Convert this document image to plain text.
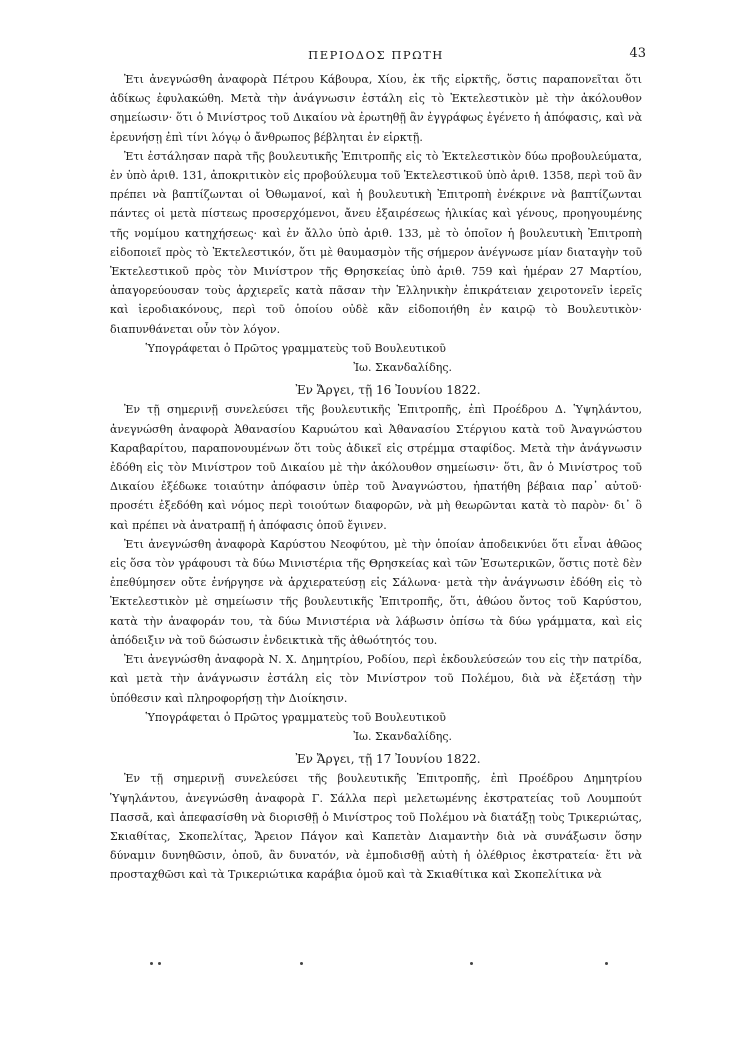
ΠΕΡΙΟΔΟΣ ΠΡΩΤΗ	43

Ἐτι ἀνεγνώσθη ἀναφορὰ Πέτρου Κάβουρα, Χίου, ἐκ τῆς εἱρκτῆς, ὅστις παραπονεῖται ὅτι ἀδίκως ἐφυλακώθη. Μετὰ τὴν ἀνάγνωσιν ἐστάλη εἰς τὸ Ἐκτελεστικὸν μὲ τὴν ἀκόλουθον σημείωσιν· ὅτι ὁ Μινίστρος τοῦ Δικαίου νὰ ἐρωτηθῇ ἂν ἐγγράφως ἐγένετο ἡ ἀπόφασις, καὶ νὰ ἐρευνήσῃ ἐπὶ τίνι λόγῳ ὁ ἄνθρωπος βέβληται ἐν εἱρκτῇ.

Ἐτι ἐστάλησαν παρὰ τῆς βουλευτικῆς Ἐπιτροπῆς εἰς τὸ Ἐκτελεστικὸν δύω προβουλεύματα, ἐν ὑπὸ ἀριθ. 131, ἀποκριτικὸν εἰς προβούλευμα τοῦ Ἐκτελεστικοῦ ὑπὸ ἀριθ. 1358, περὶ τοῦ ἂν πρέπει νὰ βαπτίζωνται οἱ Ὀθωμανοί, καὶ ἡ βουλευτικὴ Ἐπιτροπὴ ἐνέκρινε νὰ βαπτίζωνται πάντες οἱ μετὰ πίστεως προσερχόμενοι, ἄνευ ἐξαιρέσεως ἡλικίας καὶ γένους, προηγουμένης τῆς νομίμου κατηχήσεως· καὶ ἐν ἄλλο ὑπὸ ἀριθ. 133, μὲ τὸ ὁποῖον ἡ βουλευτικὴ Ἐπιτροπὴ εἰδοποιεῖ πρὸς τὸ Ἐκτελεστικόν, ὅτι μὲ θαυμασμὸν τῆς σήμερον ἀνέγνωσε μίαν διαταγὴν τοῦ Ἐκτελεστικοῦ πρὸς τὸν Μινίστρον τῆς Θρησκείας ὑπὸ ἀριθ. 759 καὶ ἡμέραν 27 Μαρτίου, ἀπαγορεύουσαν τοὺς ἀρχιερεῖς κατὰ πᾶσαν τὴν Ἑλληνικὴν ἐπικράτειαν χειροτονεῖν ἱερεῖς καὶ ἱεροδιακόνους, περὶ τοῦ ὁποίου οὐδὲ κἂν εἰδοποιήθη ἐν καιρῷ τὸ Βουλευτικὸν· διαπυνθάνεται οὖν τὸν λόγον.

Ὑπογράφεται ὁ Πρῶτος γραμματεὺς τοῦ Βουλευτικοῦ

Ἰω. Σκανδαλίδης.

Ἐν Ἄργει, τῇ 16 Ἰουνίου 1822.

Ἐν τῇ σημερινῇ συνελεύσει τῆς βουλευτικῆς Ἐπιτροπῆς, ἐπὶ Προέδρου Δ. Ὑψηλάντου, ἀνεγνώσθη ἀναφορὰ Ἀθανασίου Καρυώτου καὶ Ἀθανασίου Στέργιου κατὰ τοῦ Ἀναγνώστου Καραβαρίτου, παραπονουμένων ὅτι τοὺς ἀδικεῖ εἰς στρέμμα σταφίδος. Μετὰ τὴν ἀνάγνωσιν ἐδόθη εἰς τὸν Μινίστρον τοῦ Δικαίου μὲ τὴν ἀκόλουθον σημείωσιν· ὅτι, ἂν ὁ Μινίστρος τοῦ Δικαίου ἐξέδωκε τοιαύτην ἀπόφασιν ὑπὲρ τοῦ Ἀναγνώστου, ἠπατήθη βέβαια παρ᾽ αὐτοῦ· προσέτι ἐξεδόθη καὶ νόμος περὶ τοιούτων διαφορῶν, νὰ μὴ θεωρῶνται κατὰ τὸ παρὸν· δι᾽ ὃ καὶ πρέπει νὰ ἀνατραπῇ ἡ ἀπόφασις ὁποῦ ἔγινεν.

Ἐτι ἀνεγνώσθη ἀναφορὰ Καρύστου Νεοφύτου, μὲ τὴν ὁποίαν ἀποδεικνύει ὅτι εἶναι ἀθῶος εἰς ὅσα τὸν γράφουσι τὰ δύω Μινιστέρια τῆς Θρησκείας καὶ τῶν Ἐσωτερικῶν, ὅστις ποτὲ δὲν ἐπεθύμησεν οὔτε ἐνήργησε νὰ ἀρχιερατεύσῃ εἰς Σάλωνα· μετὰ τὴν ἀνάγνωσιν ἐδόθη εἰς τὸ Ἐκτελεστικὸν μὲ σημείωσιν τῆς βουλευτικῆς Ἐπιτροπῆς, ὅτι, ἀθώου ὄντος τοῦ Καρύστου, κατὰ τὴν ἀναφοράν του, τὰ δύω Μινιστέρια νὰ λάβωσιν ὀπίσω τὰ δύω γράμματα, καὶ εἰς ἀπόδειξιν νὰ τοῦ δώσωσιν ἐνδεικτικὰ τῆς ἀθωότητός του.

Ἐτι ἀνεγνώσθη ἀναφορὰ Ν. Χ. Δημητρίου, Ροδίου, περὶ ἐκδουλεύσεών του εἰς τὴν πατρίδα, καὶ μετὰ τὴν ἀνάγνωσιν ἐστάλη εἰς τὸν Μινίστρον τοῦ Πολέμου, διὰ νὰ ἐξετάσῃ τὴν ὑπόθεσιν καὶ πληροφορήσῃ τὴν Διοίκησιν.

Ὑπογράφεται ὁ Πρῶτος γραμματεὺς τοῦ Βουλευτικοῦ

Ἰω. Σκανδαλίδης.

Ἐν Ἄργει, τῇ 17 Ἰουνίου 1822.

Ἐν τῇ σημερινῇ συνελεύσει τῆς βουλευτικῆς Ἐπιτροπῆς, ἐπὶ Προέδρου Δημητρίου Ὑψηλάντου, ἀνεγνώσθη ἀναφορὰ Γ. Σάλλα περὶ μελετωμένης ἐκστρατείας τοῦ Λουμπούτ Πασσᾶ, καὶ ἀπεφασίσθη νὰ διορισθῇ ὁ Μινίστρος τοῦ Πολέμου νὰ διατάξῃ τοὺς Τρικεριώτας, Σκιαθίτας, Σκοπελίτας, Ἄρειον Πάγον καὶ Καπετὰν Διαμαντὴν διὰ νὰ συνάξωσιν ὅσην δύναμιν δυνηθῶσιν, ὁποῦ, ἂν δυνατόν, νὰ ἐμποδισθῇ αὐτὴ ἡ ὀλέθριος ἐκστρατεία· ἔτι νὰ προσταχθῶσι καὶ τὰ Τρικεριώτικα καράβια ὁμοῦ καὶ τὰ Σκιαθίτικα καὶ Σκοπελίτικα νὰ
